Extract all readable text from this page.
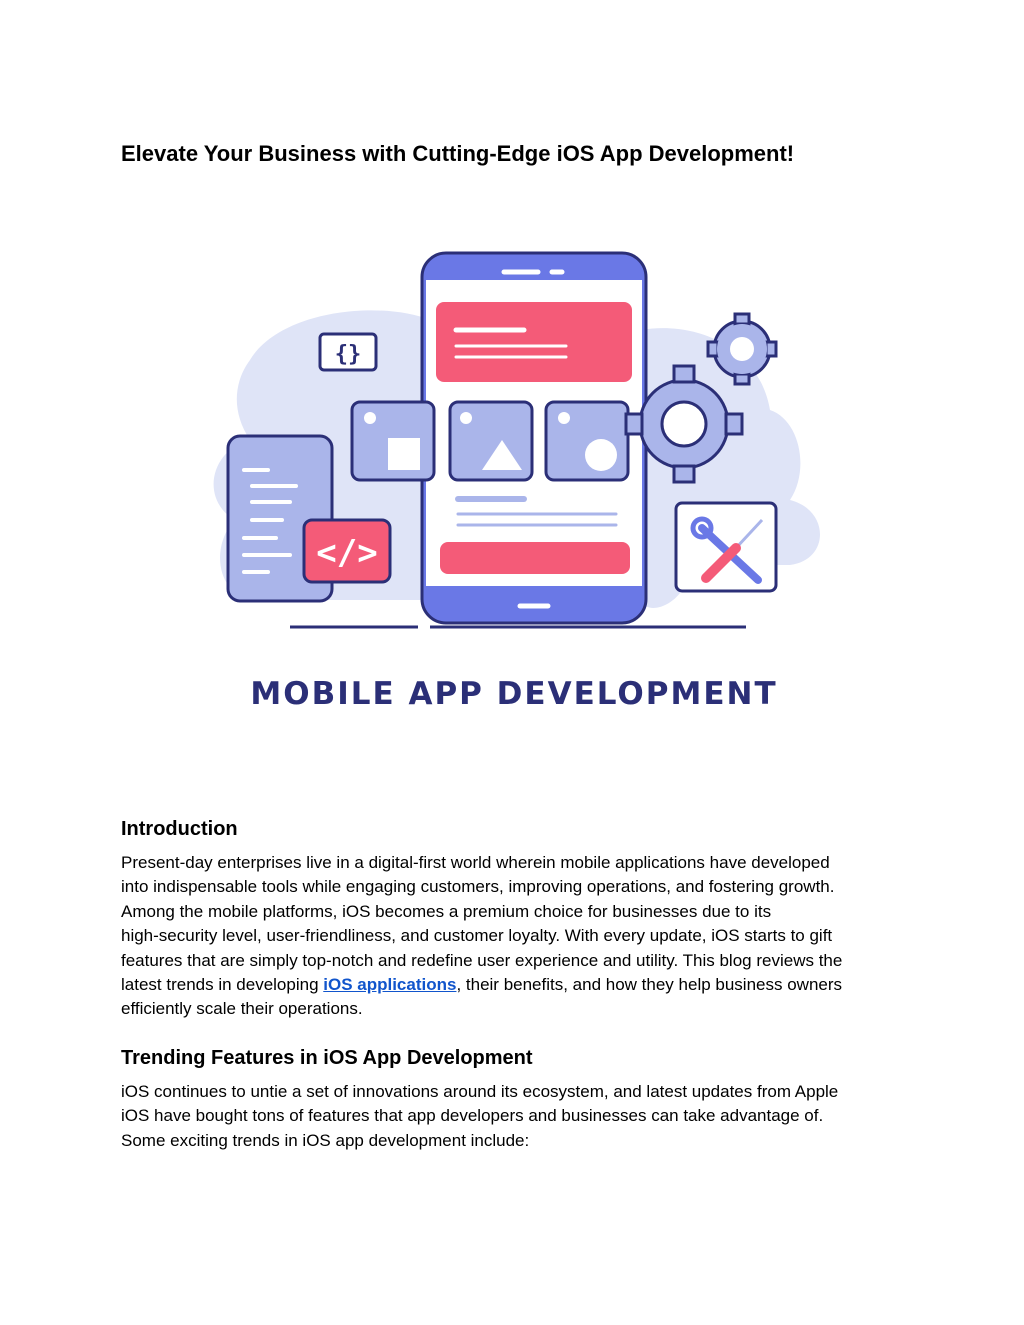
Elevate Your Business with Cutting-Edge iOS App Development!
{}
</>
MOBILE APP DEVELOPMENT
Introduction
Present-day enterprises live in a digital-first world wherein mobile applications have developed
into indispensable tools while engaging customers, improving operations, and fostering growth.
Among the mobile platforms, iOS becomes a premium choice for businesses due to its
high-security level, user-friendliness, and customer loyalty. With every update, iOS starts to gift
features that are simply top-notch and redefine user experience and utility. This blog reviews the
latest trends in developing iOS applications, their benefits, and how they help business owners
efficiently scale their operations.
Trending Features in iOS App Development
iOS continues to untie a set of innovations around its ecosystem, and latest updates from Apple
iOS have bought tons of features that app developers and businesses can take advantage of.
Some exciting trends in iOS app development include:
